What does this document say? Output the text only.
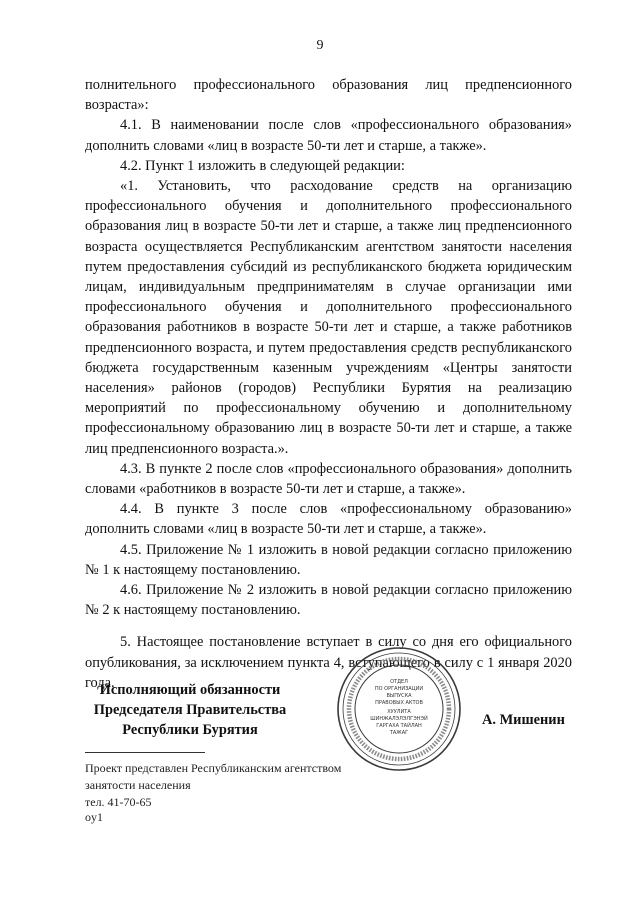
9

полнительного профессионального образования лиц предпенсионного возраста»:

4.1. В наименовании после слов «профессионального образования» дополнить словами «лиц в возрасте 50-ти лет и старше, а также».

4.2. Пункт 1 изложить в следующей редакции:

«1. Установить, что расходование средств на организацию профессионального обучения и дополнительного профессионального образования лиц в возрасте 50-ти лет и старше, а также лиц предпенсионного возраста осуществляется Республиканским агентством занятости населения путем предоставления субсидий из республиканского бюджета юридическим лицам, индивидуальным предпринимателям в случае организации ими профессионального обучения и дополнительного профессионального образования работников в возрасте 50-ти лет и старше, а также работников предпенсионного возраста, и путем предоставления средств республиканского бюджета государственным казенным учреждениям «Центры занятости населения» районов (городов) Республики Бурятия на реализацию мероприятий по профессиональному обучению и дополнительному профессиональному образованию лиц в возрасте 50-ти лет и старше, а также лиц предпенсионного возраста.».

4.3. В пункте 2 после слов «профессионального образования» дополнить словами «работников в возрасте 50-ти лет и старше, а также».

4.4. В пункте 3 после слов «профессиональному образованию» дополнить словами «лиц в возрасте 50-ти лет и старше, а также».

4.5. Приложение № 1 изложить в новой редакции согласно приложению № 1 к настоящему постановлению.

4.6. Приложение № 2 изложить в новой редакции согласно приложению № 2 к настоящему постановлению.

5. Настоящее постановление вступает в силу со дня его официального опубликования, за исключением пункта 4, вступающего в силу с 1 января 2020 года.

Исполняющий обязанности
Председателя Правительства
Республики Бурятия
ОТДЕЛ
ПО ОРГАНИЗАЦИИ
ВЫПУСКА
ПРАВОВЫХ АКТОВ
ХУУЛИТА
ШИНЖАЛЭЛЭЛГЭНЭЙ
ГАРГАХА ТАЙЛАН
ТАЖАГ
А. Мишенин
Проект представлен Республиканским агентством
занятости населения
тел. 41-70-65
oy1
